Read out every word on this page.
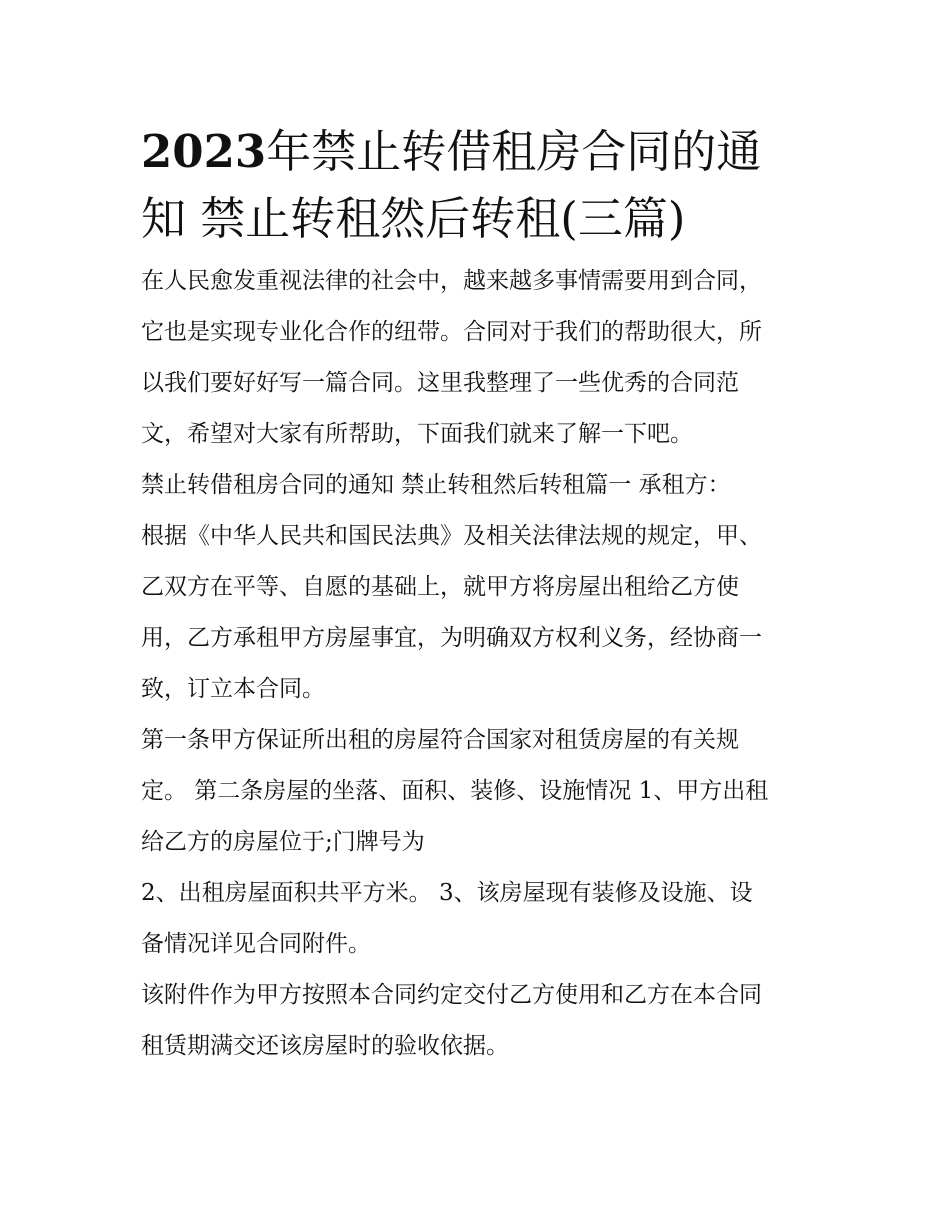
2023年禁止转借租房合同的通
知 禁止转租然后转租(三篇)

在人民愈发重视法律的社会中，越来越多事情需要用到合同，
它也是实现专业化合作的纽带。合同对于我们的帮助很大，所
以我们要好好写一篇合同。这里我整理了一些优秀的合同范
文，希望对大家有所帮助，下面我们就来了解一下吧。

禁止转借租房合同的通知 禁止转租然后转租篇一 承租方：

根据《中华人民共和国民法典》及相关法律法规的规定，甲、
乙双方在平等、自愿的基础上，就甲方将房屋出租给乙方使
用，乙方承租甲方房屋事宜，为明确双方权利义务，经协商一
致，订立本合同。

第一条甲方保证所出租的房屋符合国家对租赁房屋的有关规
定。 第二条房屋的坐落、面积、装修、设施情况 1、甲方出租
给乙方的房屋位于;门牌号为

2、出租房屋面积共平方米。 3、该房屋现有装修及设施、设
备情况详见合同附件。

该附件作为甲方按照本合同约定交付乙方使用和乙方在本合同
租赁期满交还该房屋时的验收依据。
